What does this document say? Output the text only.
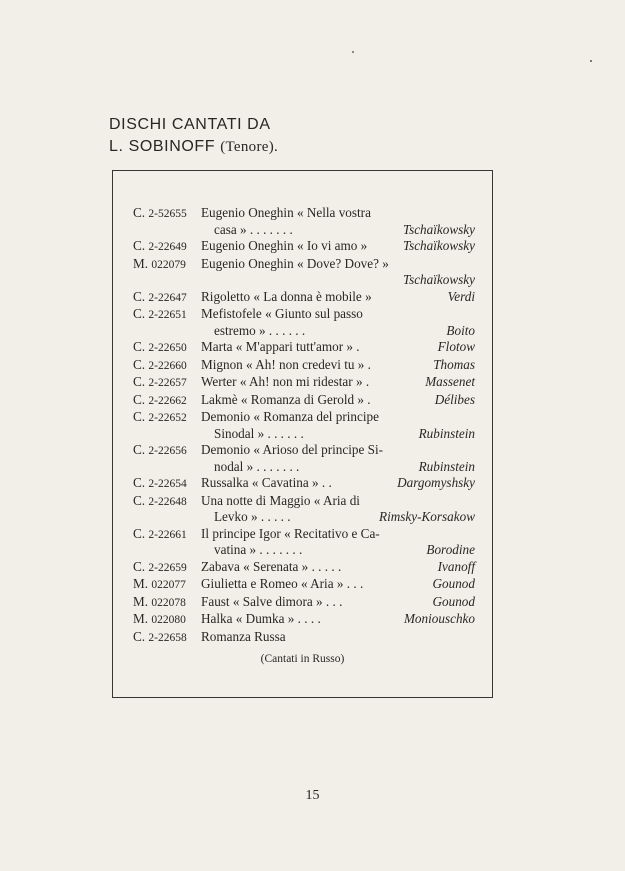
DISCHI CANTATI DA
L. SOBINOFF (Tenore).
C. 2-52655	Eugenio Oneghin « Nella vostra
casa » . . . . . . .	Tschaïkowsky
C. 2-22649	Eugenio Oneghin « Io vi amo »	Tschaïkowsky
M. 022079	Eugenio Oneghin « Dove? Dove? »
Tschaïkowsky
C. 2-22647	Rigoletto « La donna è mobile »	Verdi
C. 2-22651	Mefistofele « Giunto sul passo
estremo » . . . . . .	Boito
C. 2-22650	Marta « M'appari tutt'amor » .	Flotow
C. 2-22660	Mignon « Ah! non credevi tu » .	Thomas
C. 2-22657	Werter « Ah! non mi ridestar » .	Massenet
C. 2-22662	Lakmè « Romanza di Gerold » .	Délibes
C. 2-22652	Demonio « Romanza del principe
Sinodal » . . . . . .	Rubinstein
C. 2-22656	Demonio « Arioso del principe Si-
nodal » . . . . . . .	Rubinstein
C. 2-22654	Russalka « Cavatina » . .	Dargomyshsky
C. 2-22648	Una notte di Maggio « Aria di
Levko » . . . . .	Rimsky-Korsakow
C. 2-22661	Il principe Igor « Recitativo e Ca-
vatina » . . . . . . .	Borodine
C. 2-22659	Zabava « Serenata » . . . . .	Ivanoff
M. 022077	Giulietta e Romeo « Aria » . . .	Gounod
M. 022078	Faust « Salve dimora » . . .	Gounod
M. 022080	Halka « Dumka » . . . .	Moniouschko
C. 2-22658	Romanza Russa
(Cantati in Russo)
15
